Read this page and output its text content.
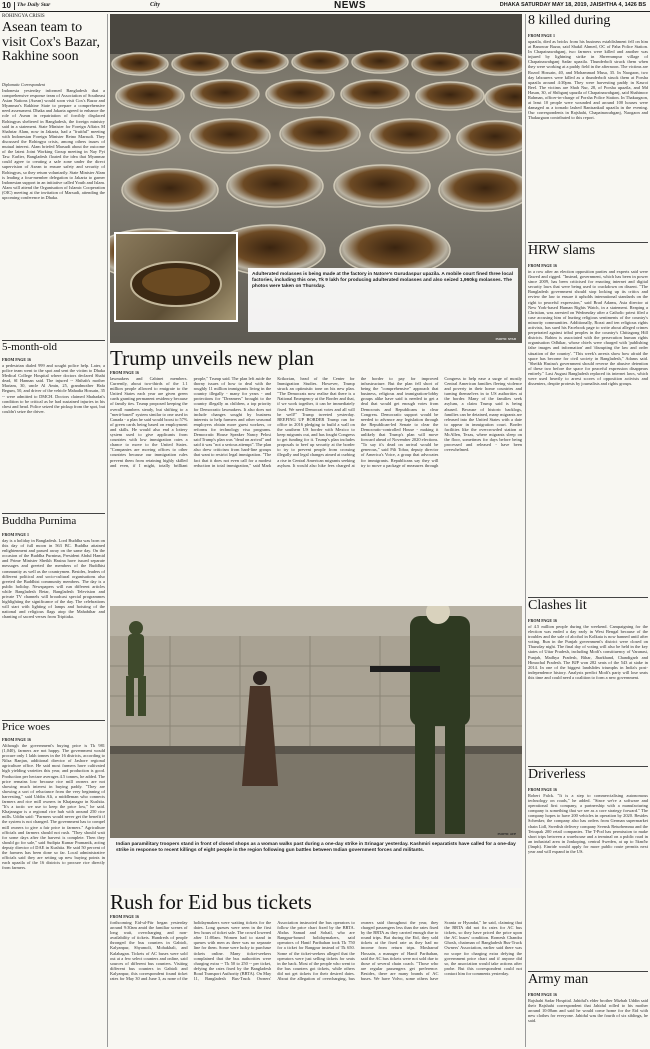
10 The Daily Star	City	NEWS	DHAKA SATURDAY MAY 18, 2019, JAISHTHA 4, 1426 BS
ROHINGYA CRISIS
Asean team to visit Cox's Bazar, Rakhine soon
Diplomatic Correspondent
Indonesia yesterday informed Bangladesh that a comprehensive response team of Association of Southeast Asian Nations (Asean) would soon visit Cox's Bazar and Myanmar's Rakhine State to prepare a comprehensive need assessment. Dhaka and Jakarta agreed to enhance the role of Asean in repatriation of forcibly displaced Rohingyas sheltered in Bangladesh, the foreign ministry said in a statement. State Minister for Foreign Affairs M Shahriar Alam, now in Jakarta, had a "fruitful" meeting with Indonesian Foreign Minister Retno Marsudi. They discussed the Rohingya crisis, among others issues of mutual interest. Alam briefed Marsudi about the outcome of the latest Joint Working Group meeting in Nay Pyi Taw. Earlier, Bangladesh floated the idea that Myanmar could agree to creating a safe zone under the direct supervision of Asean to ensure safety and security of Rohingyas, so they return voluntarily. State Minister Alam is leading a four-member delegation to Jakarta to garner Indonesian support in an initiative called Youth and Islam. Alam will attend the Organisation of Islamic Cooperation (OIC) meeting at the invitation of Marsudi, attending the upcoming conference in Dhaka.
5-month-old
FROM PAGE 16
a pedestrian dialed 999 and sought police help. Later, a police team went to the spot and sent the victim to Dhaka Medical College Hospital where doctors declared Shahi dead, SI Hannan said. The injured -- Shihab's mother Mariam, 30, uncle Al Amin, 25, grandmother Hafa Begum, 50, and driver of the vehicle Mahadia Hossain, 35 -- were admitted to DMCH. Doctors claimed Shahadat's condition to be critical as he had sustained injuries in his chest and head. Police seized the pickup from the spot, but couldn't seize the driver.
Buddha Purnima
FROM PAGE 1
day is a holiday in Bangladesh. Lord Buddha was born on this day of full moon in 563 BC. Buddha attained enlightenment and passed away on the same day. On the occasion of the Buddha Purnima, President Abdul Hamid and Prime Minister Sheikh Hasina have issued separate messages and greeted the members of the Buddhist community as well as the countrymen. Besides, leaders of different political and socio-cultural organisations also greeted the Buddhist community members. The day is a public holiday. Newspapers will run different articles while Bangladesh Betar, Bangladesh Television and private TV channels will broadcast special programmes highlighting the significance of the day. The celebrations will start with lighting of lamps and hoisting of the national and religious flags atop the Mahabihar and chanting of sacred verses from Tripitaka.
Price woes
FROM PAGE 16
Although the government's buying price is Tk 981 (1,040), farmers are not happy. The government would procure only 1 lakh tonnes in the 16 districts, according to Nilza Ranjan, additional director of Jashore regional agriculture office. He said most farmers have cultivated high yielding varieties this year, and production is good. Production per hectare averages 4.5 tonnes, he added. The price remains low because rice mill owners are not showing much interest in buying paddy. "They are showing a sort of reluctance from the very beginning of harvesting," said Uddin Ali, a middleman who connects farmers and rice mill owners in Khajanagar in Kushtia. "It's a tactic we use to keep the price low," he said. Khajanagar is a regional rice hub with around 250 rice mills. Uddin said: "Farmers would never get the benefit if the system is not changed. The government has to compel mill owners to give a fair price to farmers." Agriculture officials and farmers should not rush. "They should wait for some days after the harvest is complete. Then they should go for sale," said Sudipta Kumar Pramanik, acting deputy director of DAE in Kushtia. He said 50 percent of the farmers has been done so far. Local administrative officials said they are setting up new buying points in each upazila of the 16 districts to procure rice directly from farmers.
Adulterated molasses is being made at the factory in Natore's Gurudaspur upazila. A mobile court fined three local factories, including this one, Tk 9 lakh for producing adulterated molasses and also seized 1,960kg molasses. The photos were taken on Thursday.
PHOTO: STAR
Trump unveils new plan
FROM PAGE 16
lawmakers and Cabinet members. Currently, about two-thirds of the 1.1 million people allowed to emigrate to the United States each year are given green cards granting permanent residency because of family ties. Trump proposed keeping the overall numbers steady, but shifting to a "merit-based" system similar to one used in Canada - a plan he said would boost to 57% of green cards being based on employment and skills. He would also end a lottery system used to give applicants from countries with low immigration rates a chance to move to the United States. "Companies are moving offices to other countries because our immigration rules prevent them from retaining highly skilled and even, if I might, totally brilliant people," Trump said. The plan left aside the thorny issues of how to deal with the roughly 11 million immigrants living in the country illegally - many for years - and protections for "Dreamers" brought to the country illegally as children, a top priority for Democratic lawmakers. It also does not include changes sought by business interests to help farmers and other seasonal employers obtain more guest workers, or reforms for technology visa programs. Democratic House Speaker Nancy Pelosi said Trump's plan was "dead on arrival" and said it was "not a serious attempt". The plan also drew criticism from hard-line groups that want to restrict legal immigration. "The fact that it does not even call for a modest reduction in total immigration," said Mark Krikorian, head of the Center for Immigration Studies. However, Trump struck an optimistic tone on his new plan. "The Democrats now realise that there is a National Emergency at the Border and that, if we work together, it can be immediately fixed. We need Democrat votes and all will be well!" Trump tweeted yesterday. BEEFING UP BORDER Trump ran for office in 2016 pledging to build a wall on the southern US border with Mexico to keep migrants out, and has fought Congress to get funding for it. Trump's plan includes proposals to beef up security at the border to try to prevent people from crossing illegally and legal changes aimed at curbing a rise in Central American migrants seeking asylum. It would also hike fees charged at the border to pay for improved infrastructure. But the plan fell short of being the "comprehensive" approach that business, religious and immigration-lobby groups alike have said is needed to get a deal that would get enough votes from Democrats and Republicans to clear Congress. Democratic support would be needed to advance any legislation through the Republican-led Senate to clear the Democratic-controlled House - making it unlikely that Trump's plan will move forward ahead of November 2020 elections. "To say it's dead on arrival would be generous," said Pili Tobar, deputy director of America's Voice, a group that advocates for immigrants. Republicans say they will try to move a package of measures through Congress to help ease a surge of mostly Central American families fleeing violence and poverty in their home countries and turning themselves in to US authorities at the border. Many of the families seek asylum, a claim Trump said is being abused. Because of historic backlogs, families can be detained, many migrants are released into the United States with a date to appear in immigration court. Border facilities like the overcrowded station at McAllen, Texas, where migrants sleep on the floor, sometimes for days before being processed and released - have been overwhelmed.
Indian paramilitary troopers stand in front of closed shops as a woman walks past during a one-day strike in Srinagar yesterday. Kashmiri separatists have called for a one-day strike in response to recent killings of eight people in the region following gun battles between Indian government forces and militants.
PHOTO: AFP
Rush for Eid bus tickets
FROM PAGE 16
forthcoming Eid-ul-Fitr began yesterday around 9:30am amid the familiar scenes of long wait, overcharging and non-availability of tickets. Hundreds of people thronged the bus counters in Gabtoli, Kalyanpur, Shyamoli, Mohakhali, and Kalabagan. Tickets of AC buses were sold out at a few select counters and online, said sources of different bus counters. Visiting different bus counters in Gabtoli and Kalyanpur, this correspondent found ticket rates for May 30 and June 3, as none of the holidaymakers were waiting tickets for the dates. Long queues were seen in the first few hours of ticket sale. The crowd lowered after 11:00am. Women had to stand in queues with men as there was no separate line for them. Some were lucky to purchase tickets online. Many ticket-seekers complained that the bus authorities were charging extra -- Tk 50 to 250 -- per ticket, defying the rates fixed by the Bangladesh Road Transport Authority (BRTA). On May 11, Bangladesh Bus-Truck Owners' Association instructed the bus operators to follow the price chart fixed by the BRTA. Abdus Samad and Sohail, who are Rangpur-bound holidaymakers, said operators of Hanif Paribahan took Tk 750 for a ticket for Rangpur instead of Tk 650. Some of the ticket-seekers alleged that the operators were just selling tickets for seats in the back. Most of the people who went to the bus counters got tickets, while others did not get tickets for their desired dates. About the allegation of overcharging, bus owners said throughout the year, they charged passengers less than the rates fixed by the BRTA as they carried enough due to round trips. But during the Eid, they sold tickets at the fixed rate as they had no income from return trips. Mosharraf Hossain, a manager of Hanif Paribahan, said the AC bus tickets were not sold due to those of several chain coach. "Those who are regular passengers get preference. Besides, there are many brands of AC buses. We have Volvo, some others have Scania or Hyundai," he said, claiming that the BRTA did not fix rates for AC bus tickets, so they have priced the price upon the AC buses' condition. Romesh Chandra Ghosh, chairman of Bangladesh Bus-Truck Owners' Association, earlier said there was no scope for charging extra defying the government price chart and if anyone did so, the association would take actions after probe. But this correspondent could not contact him for comments yesterday.
8 killed during
FROM PAGE 1
upazila, died as bricks from his business establishment fell on him at Banowar Bazar, said Shakil Ahmed, OC of Paba Police Station. In Chapainawabganj, two farmers were killed and another was injured by lightning strike in Shreerampur village of Chapainawabganj Sadar upazila. Thunderbolt struck them when they were working at a paddy field in the afternoon. The victims are Rozod Hossain, 40, and Mohammad Musa, 35. In Naogaon, two day labourers were killed as a thunderbolt struck them at Porsha upazila around 4:30pm. They were harvesting paddy in Kasroi Beel. The victims are Shah Nur, 28, of Porsha upazila, and Md Hasan, 30, of Shibganj upazila of Chapainawabganj, said Shahinoor Rahman, officer-in-charge of Porsha Police Station. In Thakurgaon, at least 10 people were wounded and around 100 houses were damaged as a tornado lashed Ranisankail upazila in the evening. Our correspondents in Rajshahi, Chapainawabganj, Naogaon and Thakurgaon contributed to this report.
HRW slams
FROM PAGE 16
in a row after an election opposition parties and experts said were flawed and rigged. "Instead, government, which has been in power since 2009, has been criticised for enacting internet and digital security laws that were being used to crackdown on dissent. "The Bangladesh government should stop locking up its critics and review the law to ensure it upholds international standards on the right to peaceful expression," said Brad Adams, Asia director at New York-based Human Rights Watch, in a statement. Reaping a Christian, was arrested on Wednesday after a Catholic priest filed a case accusing him of hurting religious sentiments of the country's minority communities. Additionally, Rozzi and ten religious rights activists, has sued his Facebook page to write about alleged crimes perpetrated against tribal peoples in the country's Chittagong Hill districts. Rahim is associated with the persecution human rights organisation Odhikar, whose chiefs were charged with 'publishing false images and information' and 'disrupting the law and order situation of the country'. "This week's arrests show how afraid the space has become for civil society in Bangladesh," Adams said. "Sheikh Hasina's government should reverse the abusive detention of these two before the space for peaceful expression disappears entirely." Last August Bangladesh replaced its internet laws, which were used heavily to arrest scores of opposition activists and dissenters, despite protests by journalists and rights groups.
Clashes lit
FROM PAGE 16
of 4.5 million people during the weekend. Campaigning for the election was ended a day early in West Bengal because of the troubles and the sale of alcohol in Kolkata is now banned until after voting. Run in the Punjab government's district were closed on Thursday night. The final day of voting will also be held in the key states of Uttar Pradesh, including Modi's constituency of Varanasi, Punjab, Madhya Pradesh, Bihar, Jharkhand, Chandigarh and Himachal Pradesh. The BJP won 282 seats of the 543 at stake in 2014. In one of the biggest landslides triumphs in India's post-independence history. Analysts predict Modi's party will lose seats this time and could need a coalition to form a new government.
Driverless
FROM PAGE 16
Robert Falck. "It is a step to commercialising autonomous technology on roads," he added. "Since we're a software and operational first company, a partnership with a manufacturing company is something that we see as a core strategy forward." The company hopes to have 200 vehicles in operation by 2020. Besides Schenker, the company also has orders from German supermarket chain Lidl, Swedish delivery company Svensk Returbemma and the Tetrapak 200 retail companies. The T-Pod has permission to make short trips between a warehouse and a terminal on a public road in an industrial area in Jonkoping, central Sweden, at up to 5km/hr (3mph). Einride would apply for more public route permits next year and will expand in the US.
Army man
FROM PAGE 16
Rajshahi Sadar Hospital. Jahidul's elder brother Mizbah Uddin said their Rajshahi correspondent that Jahidul rolled to his mother around 10:00am and said he would come home for the Eid with new clothes for everyone. Jahidul was the fourth of six siblings, he said.
